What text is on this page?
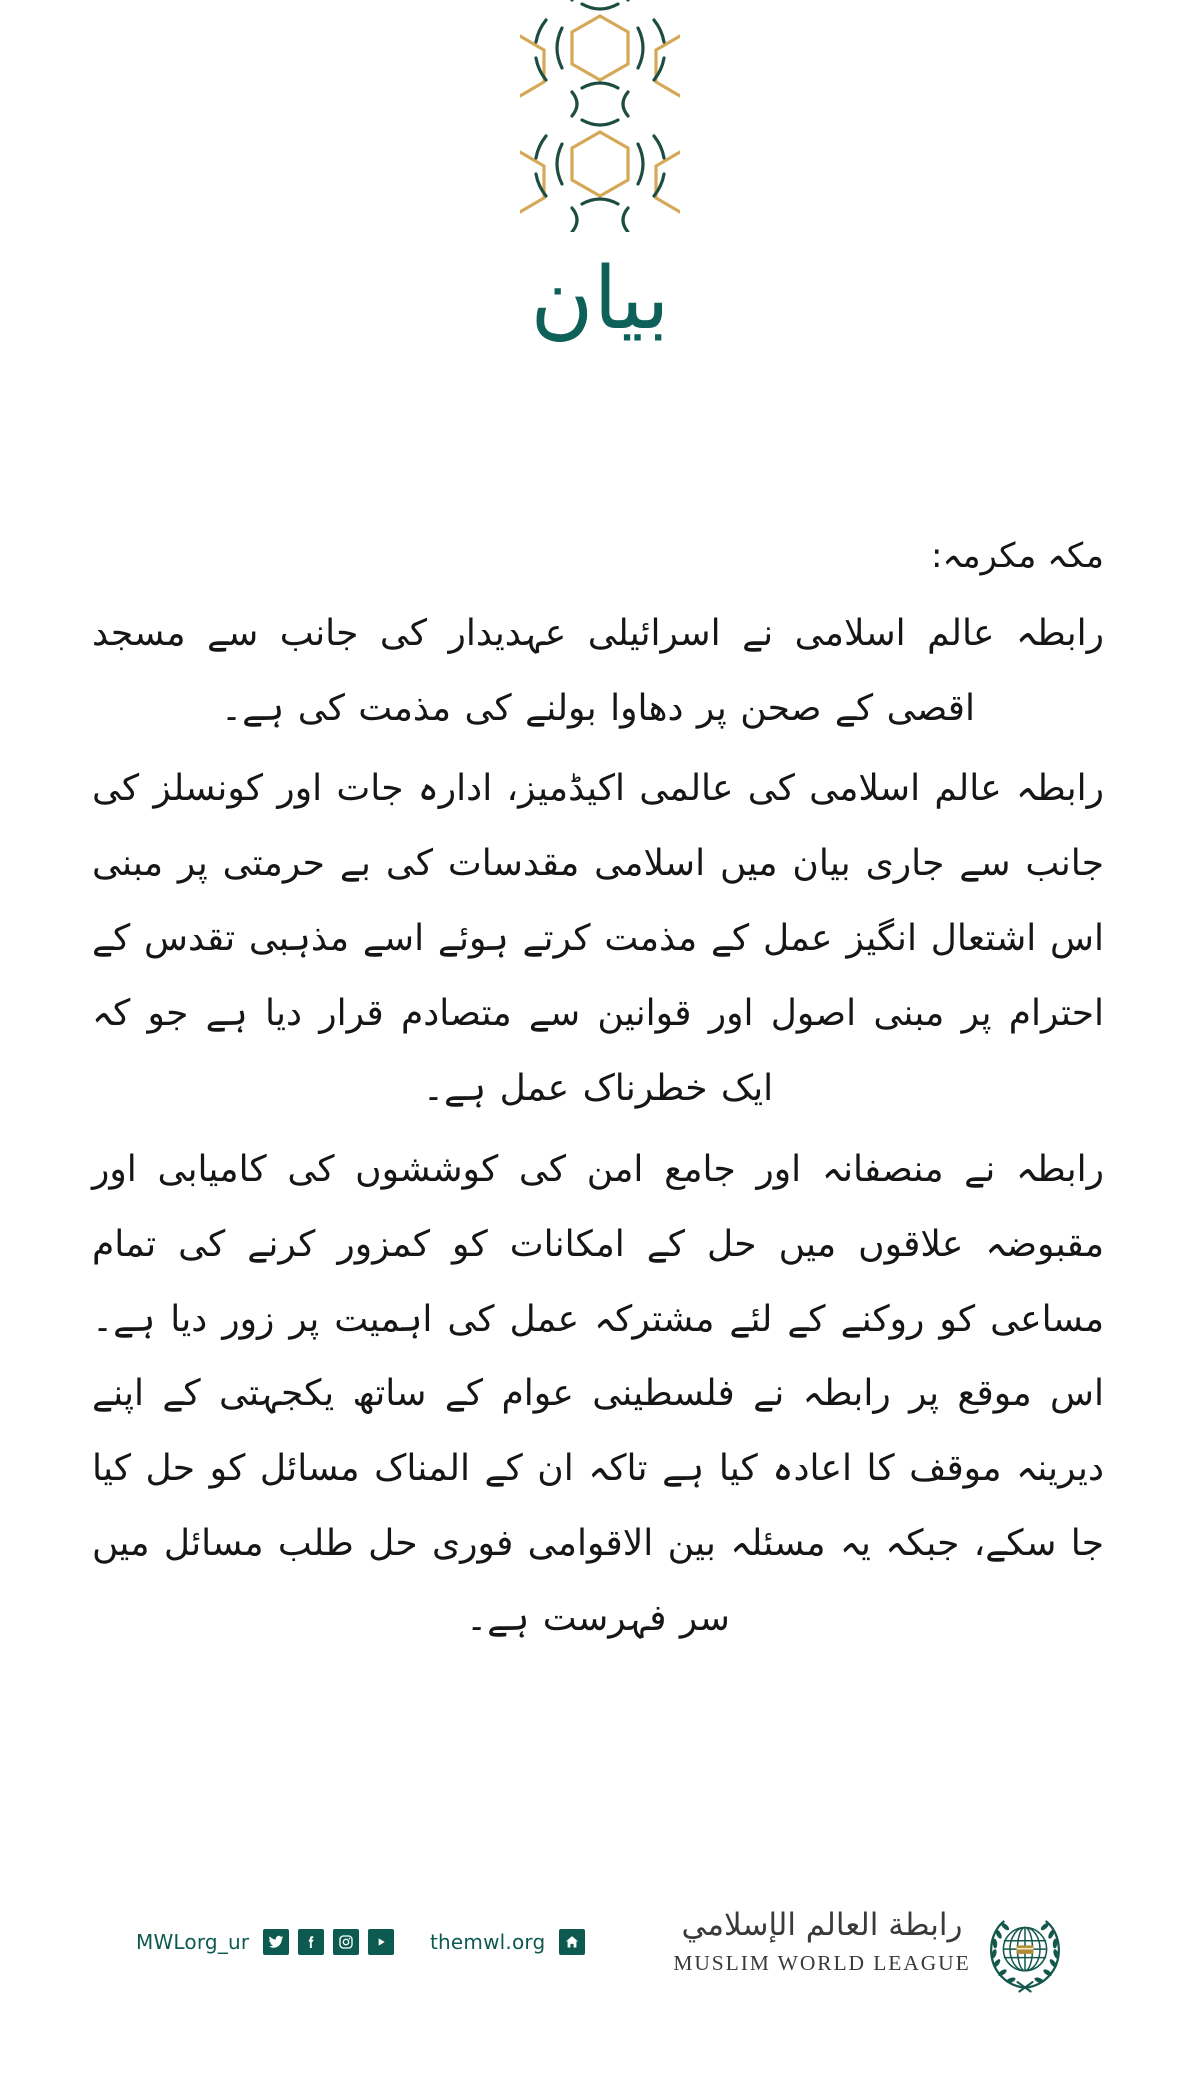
بیان
مکہ مکرمہ:

رابطہ عالم اسلامی نے اسرائیلی عہدیدار کی جانب سے مسجد اقصی کے صحن پر دھاوا بولنے کی مذمت کی ہے۔

رابطہ عالم اسلامی کی عالمی اکیڈمیز، ادارہ جات اور کونسلز کی جانب سے جاری بیان میں اسلامی مقدسات کی بے حرمتی پر مبنی اس اشتعال انگیز عمل کے مذمت کرتے ہوئے اسے مذہبی تقدس کے احترام پر مبنی اصول اور قوانین سے متصادم قرار دیا ہے جو کہ ایک خطرناک عمل ہے۔

رابطہ نے منصفانہ اور جامع امن کی کوششوں کی کامیابی اور مقبوضہ علاقوں میں حل کے امکانات کو کمزور کرنے کی تمام مساعی کو روکنے کے لئے مشترکہ عمل کی اہمیت پر زور دیا ہے۔ اس موقع پر رابطہ نے فلسطینی عوام کے ساتھ یکجہتی کے اپنے دیرینہ موقف کا اعادہ کیا ہے تاکہ ان کے المناک مسائل کو حل کیا جا سکے، جبکہ یہ مسئلہ بین الاقوامی فوری حل طلب مسائل میں سر فہرست ہے۔

MWLorg_ur	themwl.org	رابطة العالم الإسلامي
MUSLIM WORLD LEAGUE
